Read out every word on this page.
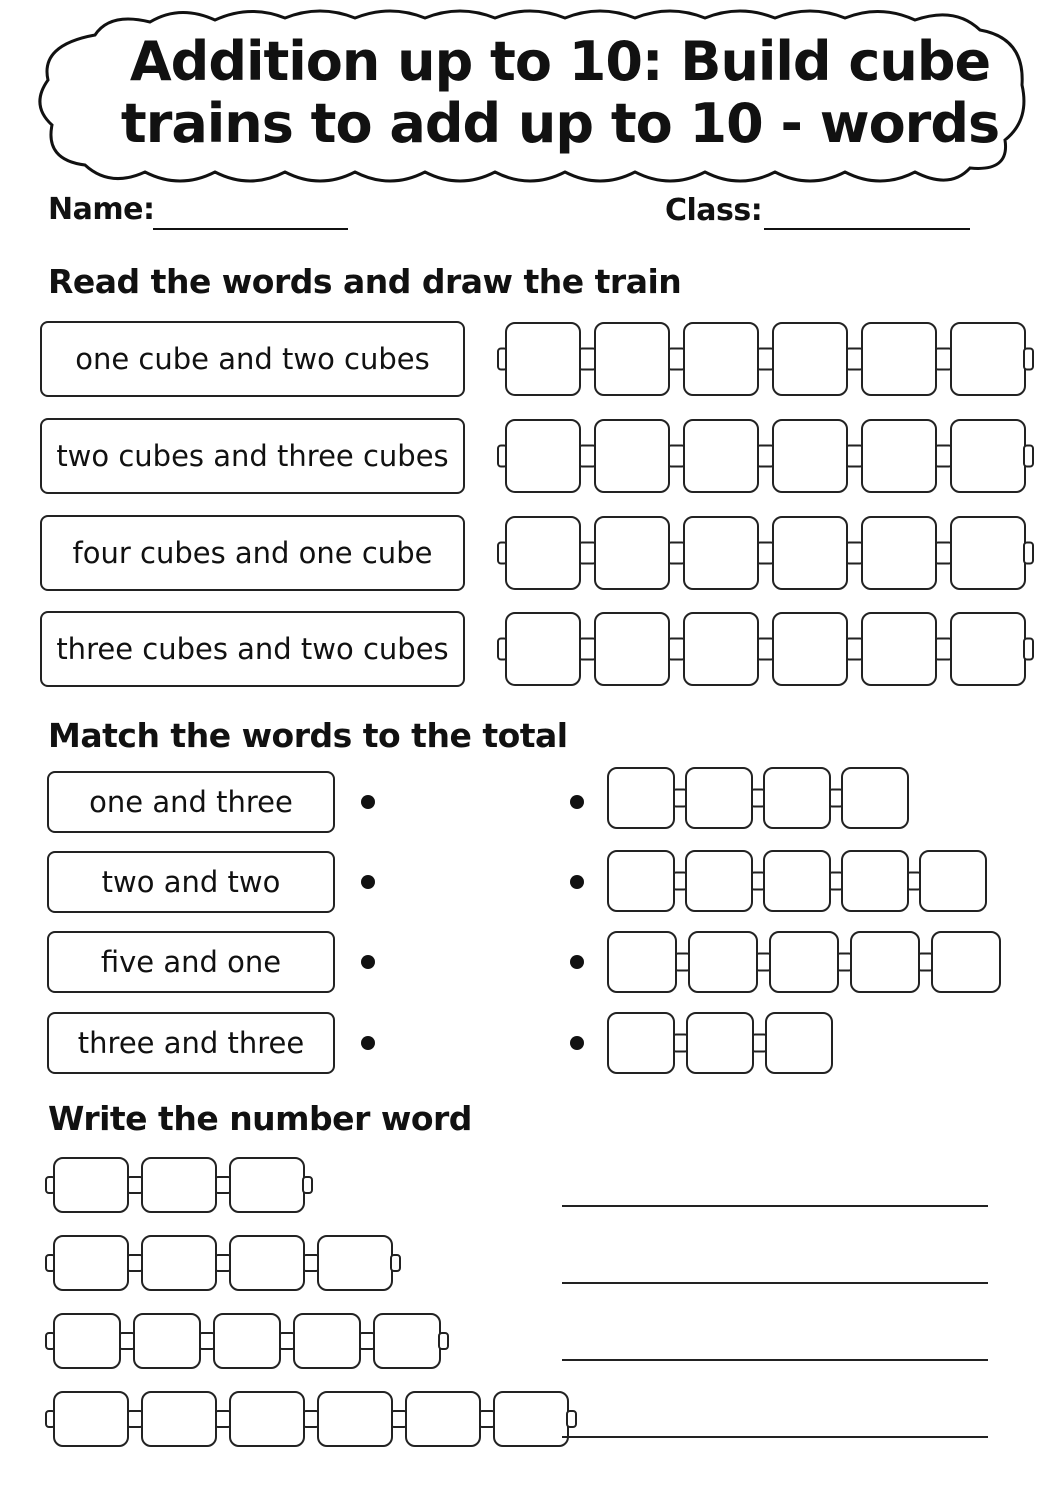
Addition up to 10: Build cube
trains to add up to 10 - words
Name:	Class:
Read the words and draw the train
one cube and two cubes
two cubes and three cubes
four cubes and one cube
three cubes and two cubes
Match the words to the total
one and three
two and two
five and one
three and three
Write the number word
